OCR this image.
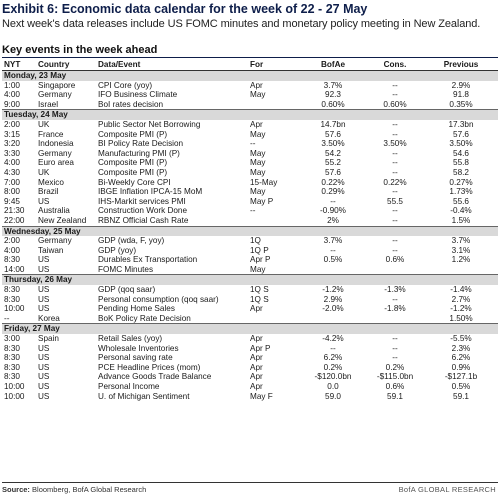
Exhibit 6: Economic data calendar for the week of 22 - 27 May
Next week's data releases include US FOMC minutes and monetary policy meeting in New Zealand.
Key events in the week ahead
NYT	Country	Data/Event	For	BofAe	Cons.	Previous
Monday, 23 May						
1:00	Singapore	CPI Core (yoy)	Apr	3.7%	--	2.9%
4:00	Germany	IFO Business Climate	May	92.3	--	91.8
9:00	Israel	BoI rates decision		0.60%	0.60%	0.35%
Tuesday, 24 May						
2:00	UK	Public Sector Net Borrowing	Apr	14.7bn	--	17.3bn
3:15	France	Composite PMI (P)	May	57.6	--	57.6
3:20	Indonesia	BI Policy Rate Decision	--	3.50%	3.50%	3.50%
3:30	Germany	Manufacturing PMI (P)	May	54.2	--	54.6
4:00	Euro area	Composite PMI (P)	May	55.2	--	55.8
4:30	UK	Composite PMI (P)	May	57.6	--	58.2
7:00	Mexico	Bi-Weekly Core CPI	15-May	0.22%	0.22%	0.27%
8:00	Brazil	IBGE Inflation IPCA-15 MoM	May	0.29%	--	1.73%
9:45	US	IHS-Markit services PMI	May P	--	55.5	55.6
21:30	Australia	Construction Work Done	--	-0.90%	--	-0.4%
22:00	New Zealand	RBNZ Official Cash Rate		2%	--	1.5%
Wednesday, 25 May						
2:00	Germany	GDP (wda, F, yoy)	1Q	3.7%	--	3.7%
4:00	Taiwan	GDP (yoy)	1Q P	--	--	3.1%
8:30	US	Durables Ex Transportation	Apr P	0.5%	0.6%	1.2%
14:00	US	FOMC Minutes	May			
Thursday, 26 May						
8:30	US	GDP (qoq saar)	1Q S	-1.2%	-1.3%	-1.4%
8:30	US	Personal consumption (qoq saar)	1Q S	2.9%	--	2.7%
10:00	US	Pending Home Sales	Apr	-2.0%	-1.8%	-1.2%
--	Korea	BoK Policy Rate Decision				1.50%
Friday, 27 May						
3:00	Spain	Retail Sales (yoy)	Apr	-4.2%	--	-5.5%
8:30	US	Wholesale Inventories	Apr P	--	--	2.3%
8:30	US	Personal saving rate	Apr	6.2%	--	6.2%
8:30	US	PCE Headline Prices (mom)	Apr	0.2%	0.2%	0.9%
8:30	US	Advance Goods Trade Balance	Apr	-$120.0bn	-$115.0bn	-$127.1b
10:00	US	Personal Income	Apr	0.0	0.6%	0.5%
10:00	US	U. of Michigan Sentiment	May F	59.0	59.1	59.1
Source: Bloomberg, BofA Global Research	BofA GLOBAL RESEARCH
